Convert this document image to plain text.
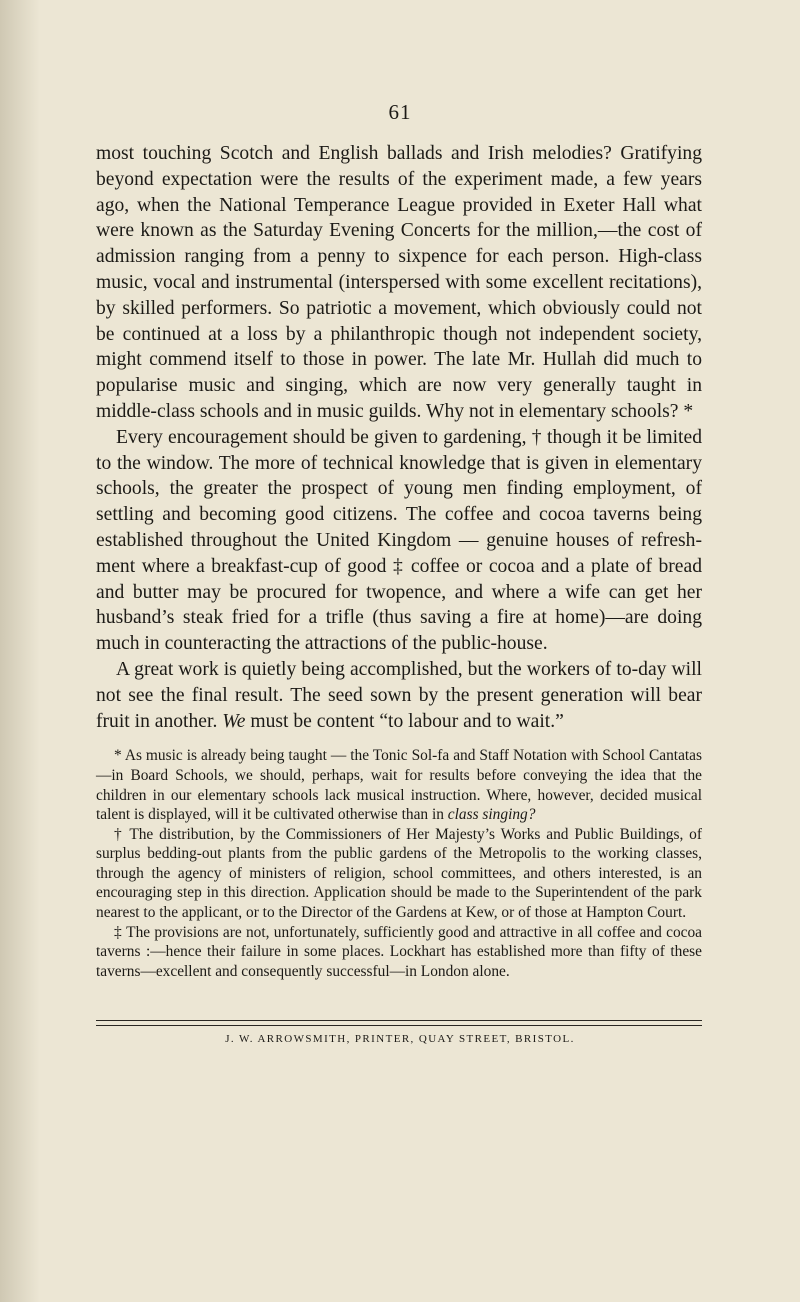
61

most touching Scotch and English ballads and Irish melodies? Gratifying beyond expectation were the results of the experiment made, a few years ago, when the National Temperance League provided in Exeter Hall what were known as the Saturday Evening Concerts for the million,—the cost of admission ranging from a penny to sixpence for each person. High-class music, vocal and instrumental (interspersed with some excellent recitations), by skilled performers. So patriotic a movement, which obviously could not be continued at a loss by a philanthropic though not independent society, might commend itself to those in power. The late Mr. Hullah did much to popularise music and singing, which are now very generally taught in middle-class schools and in music guilds. Why not in elementary schools? *

Every encouragement should be given to gardening, † though it be limited to the window. The more of technical knowledge that is given in elementary schools, the greater the prospect of young men finding employment, of settling and becoming good citizens. The coffee and cocoa taverns being established throughout the United Kingdom — genuine houses of refreshment where a breakfast-cup of good ‡ coffee or cocoa and a plate of bread and butter may be procured for twopence, and where a wife can get her husband’s steak fried for a trifle (thus saving a fire at home)—are doing much in counteracting the attractions of the public-house.

A great work is quietly being accomplished, but the workers of to-day will not see the final result. The seed sown by the present generation will bear fruit in another. We must be content “to labour and to wait.”

* As music is already being taught — the Tonic Sol-fa and Staff Notation with School Cantatas—in Board Schools, we should, perhaps, wait for results before conveying the idea that the children in our elementary schools lack musical instruction. Where, however, decided musical talent is displayed, will it be cultivated otherwise than in class singing?

† The distribution, by the Commissioners of Her Majesty’s Works and Public Buildings, of surplus bedding-out plants from the public gardens of the Metropolis to the working classes, through the agency of ministers of religion, school committees, and others interested, is an encouraging step in this direction. Application should be made to the Superintendent of the park nearest to the applicant, or to the Director of the Gardens at Kew, or of those at Hampton Court.

‡ The provisions are not, unfortunately, sufficiently good and attractive in all coffee and cocoa taverns :—hence their failure in some places. Lockhart has established more than fifty of these taverns—excellent and consequently successful—in London alone.

J. W. ARROWSMITH, PRINTER, QUAY STREET, BRISTOL.
